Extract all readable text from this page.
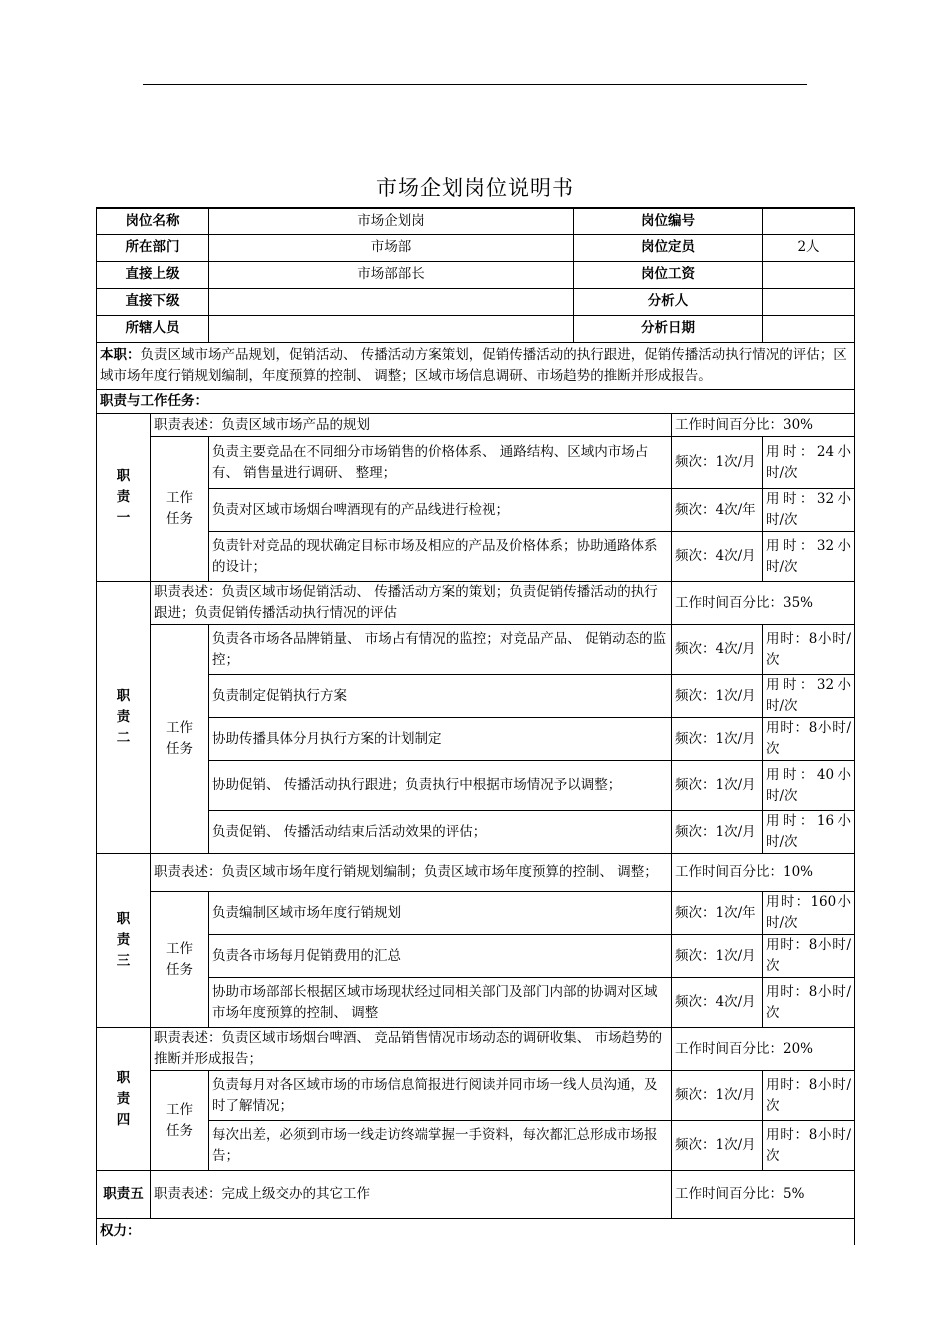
市场企划岗位说明书
岗位名称	市场企划岗	岗位编号	
所在部门	市场部	岗位定员	2人
直接上级	市场部部长	岗位工资	
直接下级		分析人	
所辖人员		分析日期	
本职：负责区域市场产品规划，促销活动、 传播活动方案策划，促销传播活动的执行跟进，促销传播活动执行情况的评估；区域市场年度行销规划编制，年度预算的控制、 调整；区域市场信息调研、市场趋势的推断并形成报告。				
职责与工作任务：				
职责一	职责表述：负责区域市场产品的规划		工作时间百分比：30%	
	工作任务	负责主要竞品在不同细分市场销售的价格体系、 通路结构、区域内市场占有、 销售量进行调研、 整理；	频次：1次/月	用时：24小时/次
		负责对区域市场烟台啤酒现有的产品线进行检视；	频次：4次/年	用时：32小时/次
		负责针对竞品的现状确定目标市场及相应的产品及价格体系；协助通路体系的设计；	频次：4次/月	用时：32小时/次
职责二	职责表述：负责区域市场促销活动、 传播活动方案的策划；负责促销传播活动的执行跟进；负责促销传播活动执行情况的评估		工作时间百分比：35%	
	工作任务	负责各市场各品牌销量、 市场占有情况的监控；对竞品产品、 促销动态的监控；	频次：4次/月	用时：8小时/次
		负责制定促销执行方案	频次：1次/月	用时：32小时/次
		协助传播具体分月执行方案的计划制定	频次：1次/月	用时：8小时/次
		协助促销、 传播活动执行跟进；负责执行中根据市场情况予以调整；	频次：1次/月	用时：40小时/次
		负责促销、 传播活动结束后活动效果的评估；	频次：1次/月	用时：16小时/次
职责三	职责表述：负责区域市场年度行销规划编制；负责区域市场年度预算的控制、 调整；		工作时间百分比：10%	
	工作任务	负责编制区域市场年度行销规划	频次：1次/年	用时：160小时/次
		负责各市场每月促销费用的汇总	频次：1次/月	用时：8小时/次
		协助市场部部长根据区域市场现状经过同相关部门及部门内部的协调对区域市场年度预算的控制、 调整	频次：4次/月	用时：8小时/次
职责四	职责表述：负责区域市场烟台啤酒、 竞品销售情况市场动态的调研收集、 市场趋势的推断并形成报告；		工作时间百分比：20%	
	工作任务	负责每月对各区域市场的市场信息简报进行阅读并同市场一线人员沟通，及时了解情况；	频次：1次/月	用时：8小时/次
		每次出差，必须到市场一线走访终端掌握一手资料，每次都汇总形成市场报告；	频次：1次/月	用时：8小时/次
职责五	职责表述：完成上级交办的其它工作		工作时间百分比：5%	
权力：				
